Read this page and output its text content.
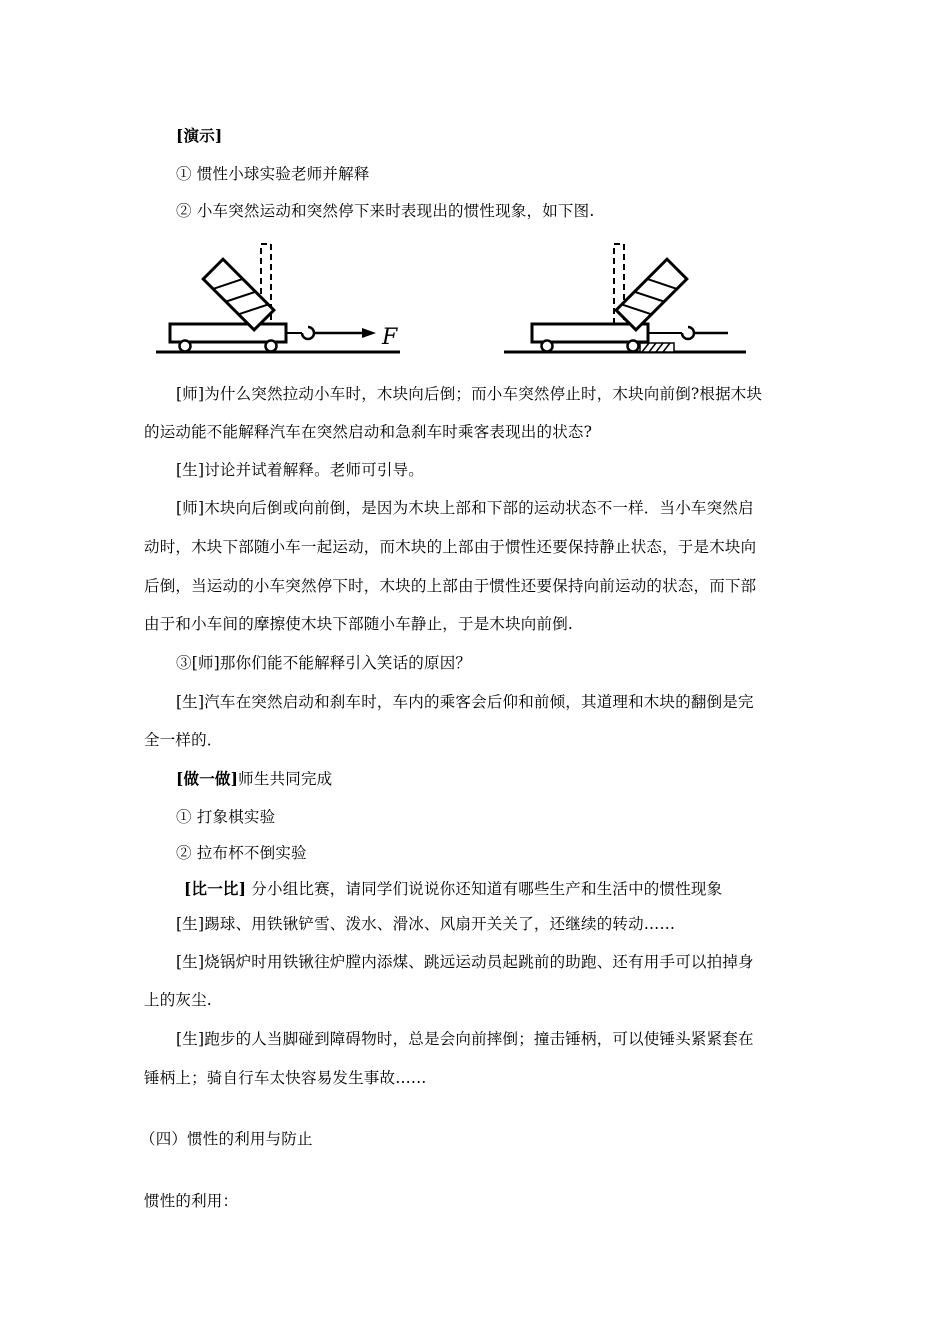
[演示]
① 惯性小球实验老师并解释
② 小车突然运动和突然停下来时表现出的惯性现象，如下图.
F
[师]为什么突然拉动小车时，木块向后倒；而小车突然停止时，木块向前倒?根据木块
的运动能不能解释汽车在突然启动和急刹车时乘客表现出的状态?
[生]讨论并试着解释。老师可引导。
[师]木块向后倒或向前倒，是因为木块上部和下部的运动状态不一样．当小车突然启
动时，木块下部随小车一起运动，而木块的上部由于惯性还要保持静止状态，于是木块向
后倒，当运动的小车突然停下时，木块的上部由于惯性还要保持向前运动的状态，而下部
由于和小车间的摩擦使木块下部随小车静止，于是木块向前倒.
③[师]那你们能不能解释引入笑话的原因？
[生]汽车在突然启动和刹车时，车内的乘客会后仰和前倾，其道理和木块的翻倒是完
全一样的．
[做一做]师生共同完成
① 打象棋实验
② 拉布杯不倒实验
[比一比] 分小组比赛，请同学们说说你还知道有哪些生产和生活中的惯性现象
[生]踢球、用铁锹铲雪、泼水、滑冰、风扇开关关了，还继续的转动……
[生]烧锅炉时用铁锹往炉膛内添煤、跳远运动员起跳前的助跑、还有用手可以拍掉身
上的灰尘.
[生]跑步的人当脚碰到障碍物时，总是会向前摔倒；撞击锤柄，可以使锤头紧紧套在
锤柄上；骑自行车太快容易发生事故……
（四）惯性的利用与防止
惯性的利用：
